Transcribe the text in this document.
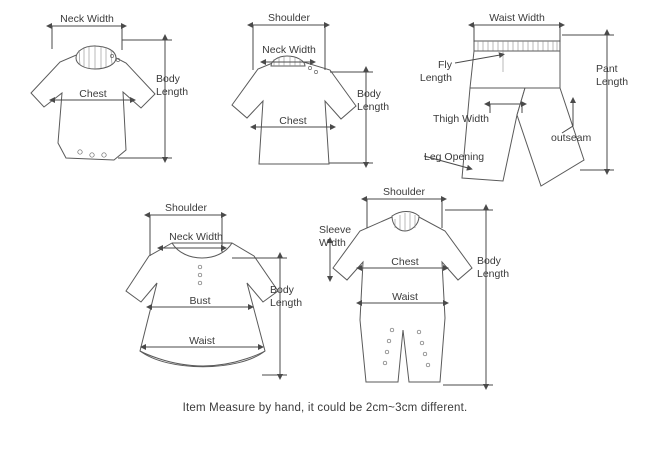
Neck Width
Chest
Body
Length
Shoulder
Neck Width
Chest
Body
Length
Waist Width
Fly
Length
Pant
Length
Thigh Width
outseam
Leg Opening
Shoulder
Neck Width
Bust
Waist
Body
Length
Shoulder
Sleeve
Width
Chest
Waist
Body
Length
Item Measure by hand, it could be 2cm~3cm different.
